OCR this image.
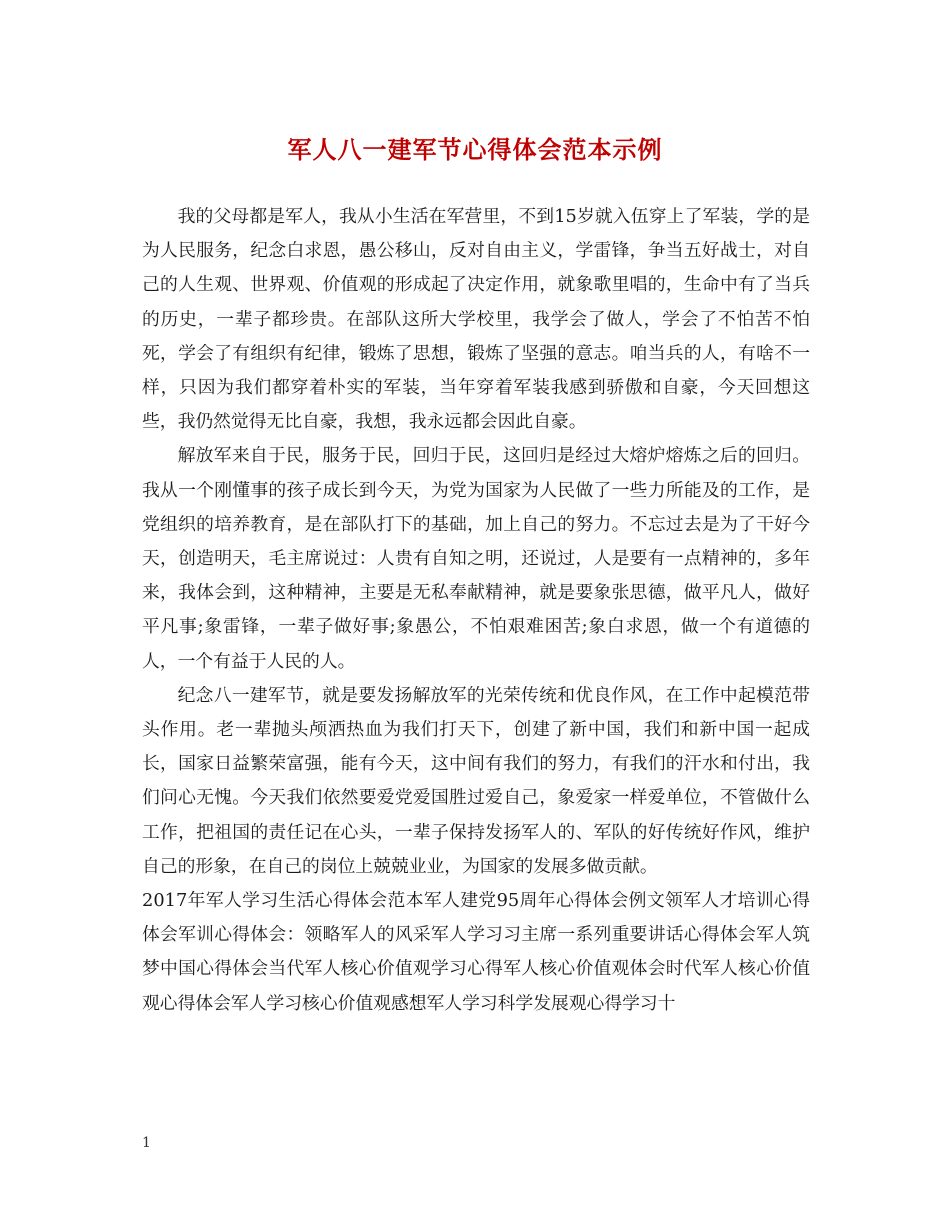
军人八一建军节心得体会范本示例

我的父母都是军人，我从小生活在军营里，不到15岁就入伍穿上了军装，学的是为人民服务，纪念白求恩，愚公移山，反对自由主义，学雷锋，争当五好战士，对自己的人生观、世界观、价值观的形成起了决定作用，就象歌里唱的，生命中有了当兵的历史，一辈子都珍贵。在部队这所大学校里，我学会了做人，学会了不怕苦不怕死，学会了有组织有纪律，锻炼了思想，锻炼了坚强的意志。咱当兵的人，有啥不一样，只因为我们都穿着朴实的军装，当年穿着军装我感到骄傲和自豪，今天回想这些，我仍然觉得无比自豪，我想，我永远都会因此自豪。

解放军来自于民，服务于民，回归于民，这回归是经过大熔炉熔炼之后的回归。我从一个刚懂事的孩子成长到今天，为党为国家为人民做了一些力所能及的工作，是党组织的培养教育，是在部队打下的基础，加上自己的努力。不忘过去是为了干好今天，创造明天，毛主席说过：人贵有自知之明，还说过，人是要有一点精神的，多年来，我体会到，这种精神，主要是无私奉献精神，就是要象张思德，做平凡人，做好平凡事;象雷锋，一辈子做好事;象愚公，不怕艰难困苦;象白求恩，做一个有道德的人，一个有益于人民的人。

纪念八一建军节，就是要发扬解放军的光荣传统和优良作风，在工作中起模范带头作用。老一辈抛头颅洒热血为我们打天下，创建了新中国，我们和新中国一起成长，国家日益繁荣富强，能有今天，这中间有我们的努力，有我们的汗水和付出，我们问心无愧。今天我们依然要爱党爱国胜过爱自己，象爱家一样爱单位，不管做什么工作，把祖国的责任记在心头，一辈子保持发扬军人的、军队的好传统好作风，维护自己的形象，在自己的岗位上兢兢业业，为国家的发展多做贡献。

2017年军人学习生活心得体会范本军人建党95周年心得体会例文领军人才培训心得体会军训心得体会：领略军人的风采军人学习习主席一系列重要讲话心得体会军人筑梦中国心得体会当代军人核心价值观学习心得军人核心价值观体会时代军人核心价值观心得体会军人学习核心价值观感想军人学习科学发展观心得学习十

1
